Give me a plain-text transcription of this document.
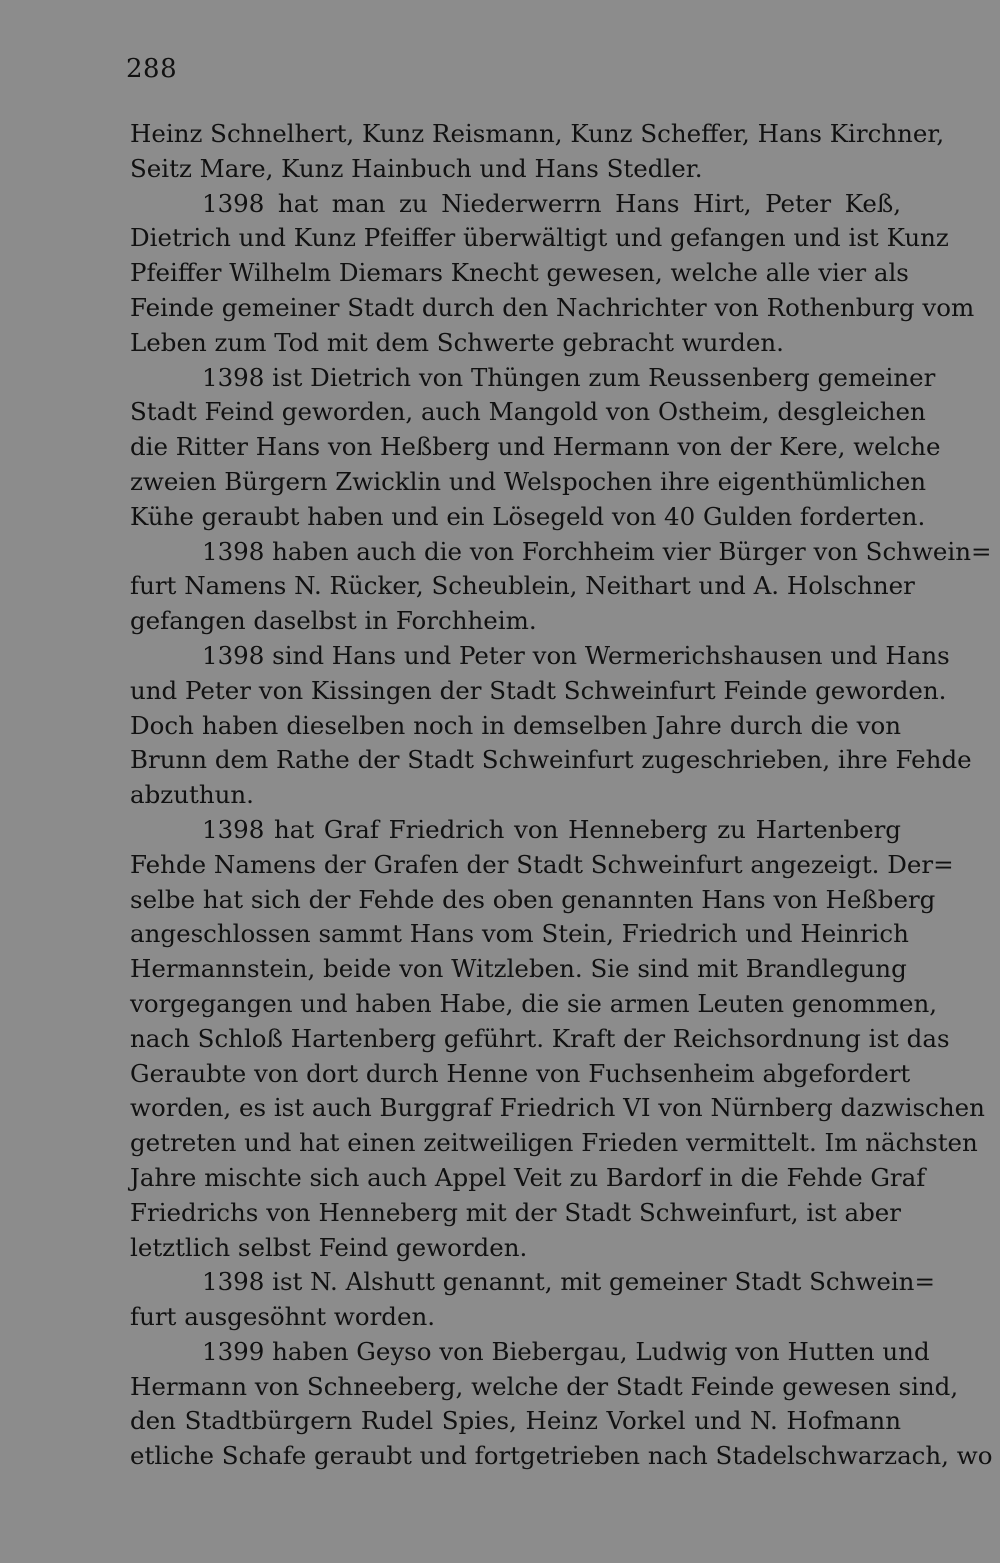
288
Heinz Schnelhert, Kunz Reismann, Kunz Scheffer, Hans Kirchner,
Seitz Mare, Kunz Hainbuch und Hans Stedler.
1398 hat man zu Niederwerrn Hans Hirt, Peter Keß,
Dietrich und Kunz Pfeiffer überwältigt und gefangen und ist Kunz
Pfeiffer Wilhelm Diemars Knecht gewesen, welche alle vier als
Feinde gemeiner Stadt durch den Nachrichter von Rothenburg vom
Leben zum Tod mit dem Schwerte gebracht wurden.
1398 ist Dietrich von Thüngen zum Reussenberg gemeiner
Stadt Feind geworden, auch Mangold von Ostheim, desgleichen
die Ritter Hans von Heßberg und Hermann von der Kere, welche
zweien Bürgern Zwicklin und Welspochen ihre eigenthümlichen
Kühe geraubt haben und ein Lösegeld von 40 Gulden forderten.
1398 haben auch die von Forchheim vier Bürger von Schwein=
furt Namens N. Rücker, Scheublein, Neithart und A. Holschner
gefangen daselbst in Forchheim.
1398 sind Hans und Peter von Wermerichshausen und Hans
und Peter von Kissingen der Stadt Schweinfurt Feinde geworden.
Doch haben dieselben noch in demselben Jahre durch die von
Brunn dem Rathe der Stadt Schweinfurt zugeschrieben, ihre Fehde
abzuthun.
1398 hat Graf Friedrich von Henneberg zu Hartenberg
Fehde Namens der Grafen der Stadt Schweinfurt angezeigt. Der=
selbe hat sich der Fehde des oben genannten Hans von Heßberg
angeschlossen sammt Hans vom Stein, Friedrich und Heinrich
Hermannstein, beide von Witzleben. Sie sind mit Brandlegung
vorgegangen und haben Habe, die sie armen Leuten genommen,
nach Schloß Hartenberg geführt. Kraft der Reichsordnung ist das
Geraubte von dort durch Henne von Fuchsenheim abgefordert
worden, es ist auch Burggraf Friedrich VI von Nürnberg dazwischen
getreten und hat einen zeitweiligen Frieden vermittelt. Im nächsten
Jahre mischte sich auch Appel Veit zu Bardorf in die Fehde Graf
Friedrichs von Henneberg mit der Stadt Schweinfurt, ist aber
letztlich selbst Feind geworden.
1398 ist N. Alshutt genannt, mit gemeiner Stadt Schwein=
furt ausgesöhnt worden.
1399 haben Geyso von Biebergau, Ludwig von Hutten und
Hermann von Schneeberg, welche der Stadt Feinde gewesen sind,
den Stadtbürgern Rudel Spies, Heinz Vorkel und N. Hofmann
etliche Schafe geraubt und fortgetrieben nach Stadelschwarzach, wo
